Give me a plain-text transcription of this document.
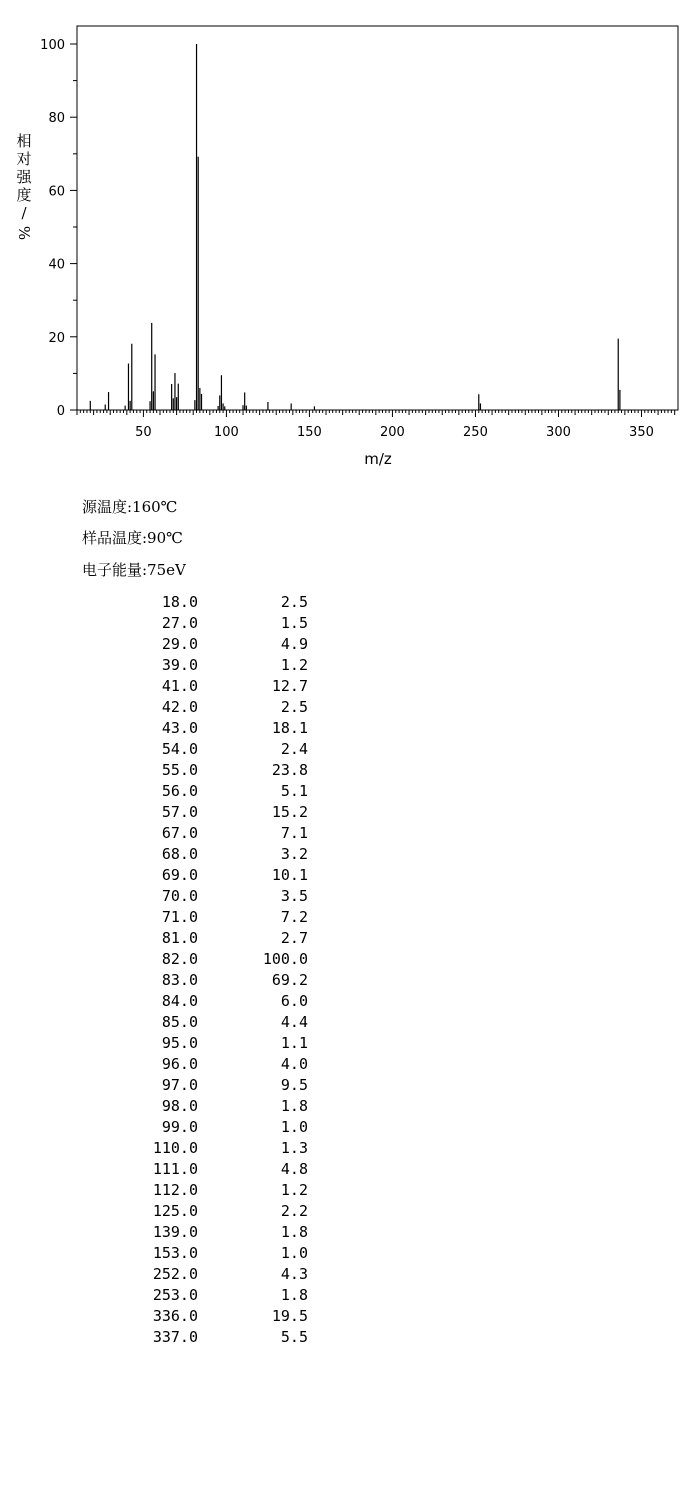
0
20
40
60
80
100
50	100	150	200	250	300	350
m/z
相
对
强
度
/
%
源温度:160℃
样品温度:90℃
电子能量:75eV
18.0	2.5
27.0	1.5
29.0	4.9
39.0	1.2
41.0	12.7
42.0	2.5
43.0	18.1
54.0	2.4
55.0	23.8
56.0	5.1
57.0	15.2
67.0	7.1
68.0	3.2
69.0	10.1
70.0	3.5
71.0	7.2
81.0	2.7
82.0	100.0
83.0	69.2
84.0	6.0
85.0	4.4
95.0	1.1
96.0	4.0
97.0	9.5
98.0	1.8
99.0	1.0
110.0	1.3
111.0	4.8
112.0	1.2
125.0	2.2
139.0	1.8
153.0	1.0
252.0	4.3
253.0	1.8
336.0	19.5
337.0	5.5
